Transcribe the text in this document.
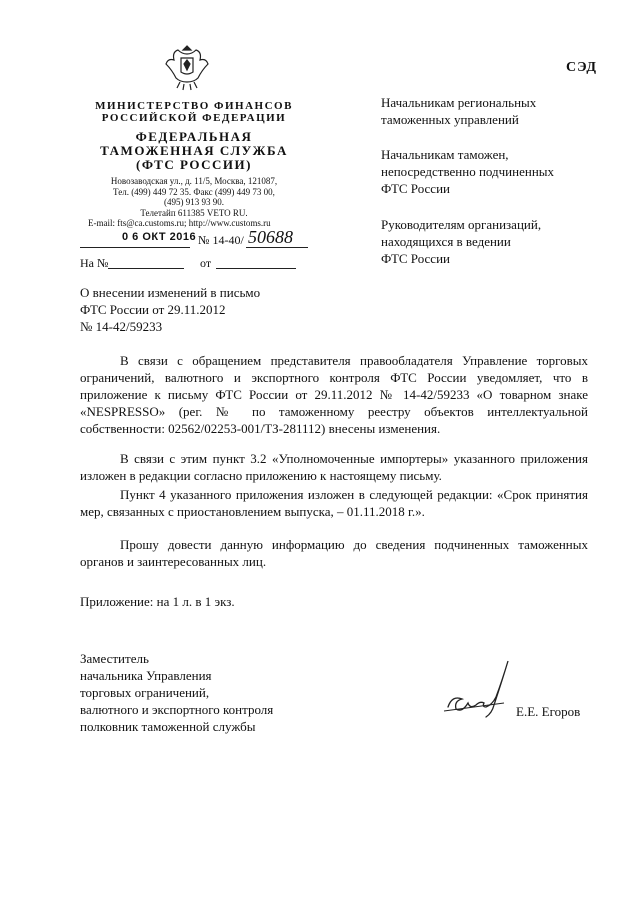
СЭД
МИНИСТЕРСТВО ФИНАНСОВ
РОССИЙСКОЙ ФЕДЕРАЦИИ
ФЕДЕРАЛЬНАЯ
ТАМОЖЕННАЯ СЛУЖБА
(ФТС РОССИИ)
Новозаводская ул., д. 11/5, Москва, 121087,
Тел. (499) 449 72 35. Факс (499) 449 73 00,
(495) 913 93 90.
Телетайп 611385 VETO RU.
E-mail: fts@ca.customs.ru; http://www.customs.ru
0 6 ОКТ 2016 № 14-40/ 50688
На №	от
Начальникам региональных
таможенных управлений
Начальникам таможен,
непосредственно подчиненных
ФТС России
Руководителям организаций,
находящихся в ведении
ФТС России
О внесении изменений в письмо
ФТС России от 29.11.2012
№ 14-42/59233

В связи с обращением представителя правообладателя Управление торговых ограничений, валютного и экспортного контроля ФТС России уведомляет, что в приложение к письму ФТС России от 29.11.2012 № 14-42/59233 «О товарном знаке «NESPRESSO» (рег. № по таможенному реестру объектов интеллектуальной собственности: 02562/02253-001/ТЗ-281112) внесены изменения.

В связи с этим пункт 3.2 «Уполномоченные импортеры» указанного приложения изложен в редакции согласно приложению к настоящему письму.

Пункт 4 указанного приложения изложен в следующей редакции: «Срок принятия мер, связанных с приостановлением выпуска, – 01.11.2018 г.».

Прошу довести данную информацию до сведения подчиненных таможенных органов и заинтересованных лиц.

Приложение: на 1 л. в 1 экз.
Заместитель
начальника Управления
торговых ограничений,
валютного и экспортного контроля
полковник таможенной службы
Е.Е. Егоров
